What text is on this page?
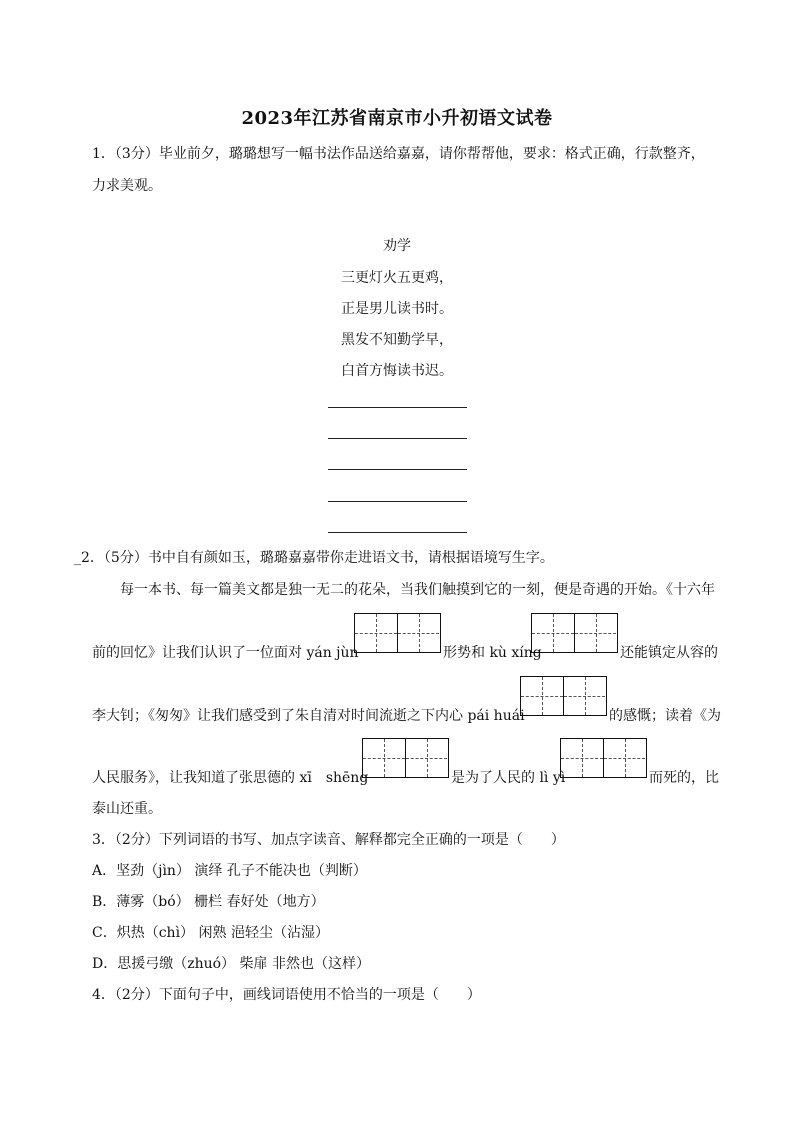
2023年江苏省南京市小升初语文试卷
1．（3分）毕业前夕，璐璐想写一幅书法作品送给嘉嘉，请你帮帮他，要求：格式正确，行款整齐，
力求美观。
劝学
三更灯火五更鸡，
正是男儿读书时。
黑发不知勤学早，
白首方悔读书迟。
_2．（5分）书中自有颜如玉，璐璐嘉嘉带你走进语文书，请根据语境写生字。
每一本书、每一篇美文都是独一无二的花朵，当我们触摸到它的一刻，便是奇遇的开始。《十六年
前的回忆》让我们认识了一位面对 yán jùn	形势和 kù xíng	还能镇定从容的
李大钊；《匆匆》让我们感受到了朱自清对时间流逝之下内心 pái huái	的感慨；读着《为
人民服务》，让我知道了张思德的 xī　shēng	是为了人民的 lì yì	而死的，比
泰山还重。
3．（2分）下列词语的书写、加点字读音、解释都完全正确的一项是（　　）
A．坚劲（jìn） 演绎 孔子不能决也（判断）
B．薄雾（bó） 栅栏 春好处（地方）
C．炽热（chì） 闲熟 浥轻尘（沾湿）
D．思援弓缴（zhuó） 柴扉 非然也（这样）
4．（2分）下面句子中，画线词语使用不恰当的一项是（　　）
